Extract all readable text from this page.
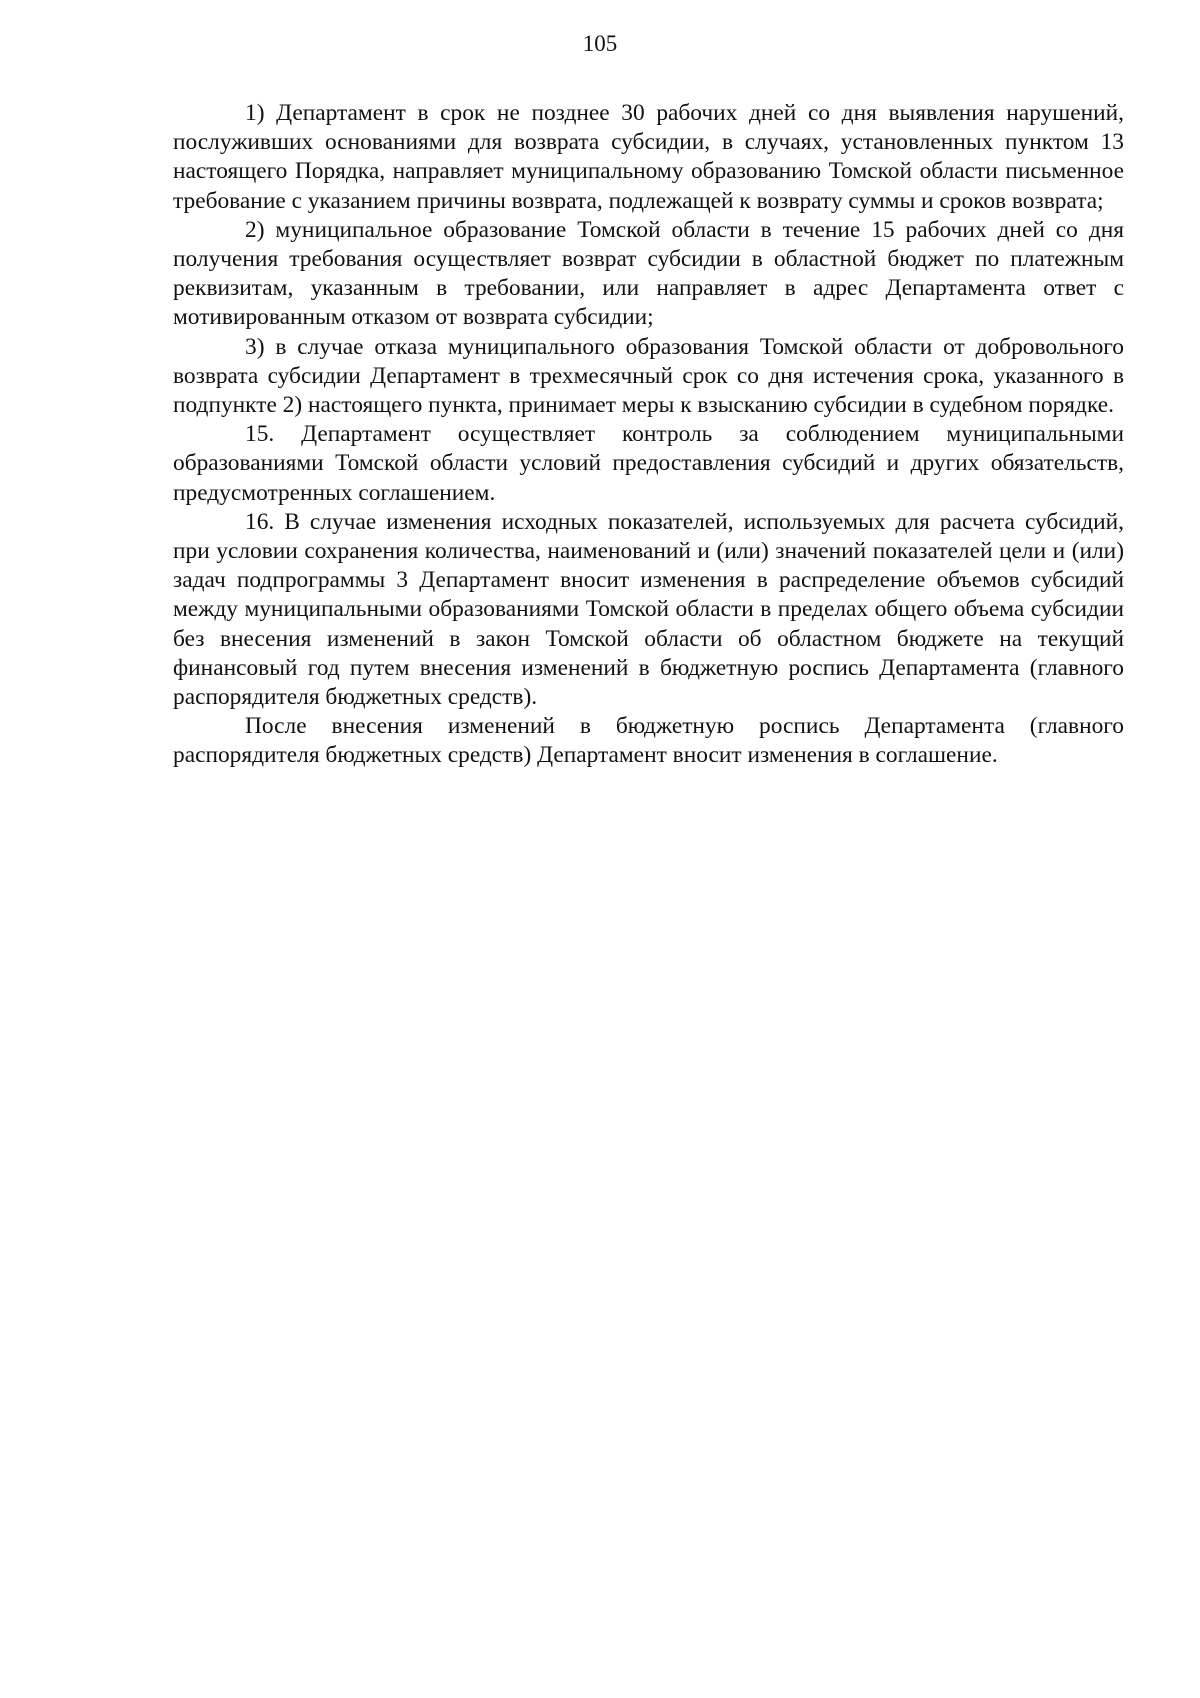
105

1) Департамент в срок не позднее 30 рабочих дней со дня выявления нарушений, послуживших основаниями для возврата субсидии, в случаях, установленных пунктом 13 настоящего Порядка, направляет муниципальному образованию Томской области письменное требование с указанием причины возврата, подлежащей к возврату суммы и сроков возврата;

2) муниципальное образование Томской области в течение 15 рабочих дней со дня получения требования осуществляет возврат субсидии в областной бюджет по платежным реквизитам, указанным в требовании, или направляет в адрес Департамента ответ с мотивированным отказом от возврата субсидии;

3) в случае отказа муниципального образования Томской области от добровольного возврата субсидии Департамент в трехмесячный срок со дня истечения срока, указанного в подпункте 2) настоящего пункта, принимает меры к взысканию субсидии в судебном порядке.

15. Департамент осуществляет контроль за соблюдением муниципальными образованиями Томской области условий предоставления субсидий и других обязательств, предусмотренных соглашением.

16. В случае изменения исходных показателей, используемых для расчета субсидий, при условии сохранения количества, наименований и (или) значений показателей цели и (или) задач подпрограммы 3 Департамент вносит изменения в распределение объемов субсидий между муниципальными образованиями Томской области в пределах общего объема субсидии без внесения изменений в закон Томской области об областном бюджете на текущий финансовый год путем внесения изменений в бюджетную роспись Департамента (главного распорядителя бюджетных средств).

После внесения изменений в бюджетную роспись Департамента (главного распорядителя бюджетных средств) Департамент вносит изменения в соглашение.
